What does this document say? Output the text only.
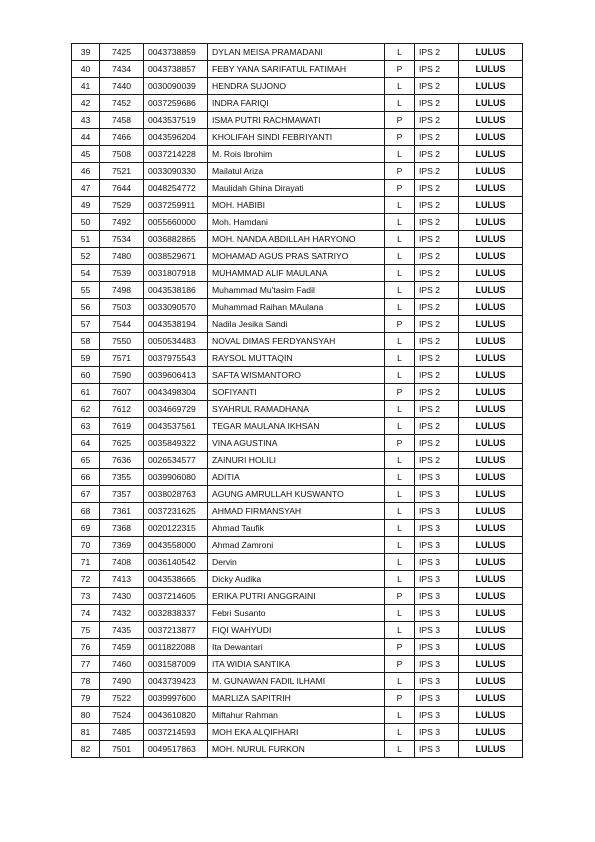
39	7425	0043738859	DYLAN MEISA PRAMADANI	L	IPS 2	LULUS
40	7434	0043738857	FEBY YANA SARIFATUL FATIMAH	P	IPS 2	LULUS
41	7440	0030090039	HENDRA SUJONO	L	IPS 2	LULUS
42	7452	0037259686	INDRA FARIQI	L	IPS 2	LULUS
43	7458	0043537519	ISMA PUTRI RACHMAWATI	P	IPS 2	LULUS
44	7466	0043596204	KHOLIFAH SINDI FEBRIYANTI	P	IPS 2	LULUS
45	7508	0037214228	M. Rois Ibrohim	L	IPS 2	LULUS
46	7521	0033090330	Mailatul Ariza	P	IPS 2	LULUS
47	7644	0048254772	Maulidah Ghina Dirayati	P	IPS 2	LULUS
49	7529	0037259911	MOH. HABIBI	L	IPS 2	LULUS
50	7492	0055660000	Moh. Hamdani	L	IPS 2	LULUS
51	7534	0036882865	MOH. NANDA ABDILLAH HARYONO	L	IPS 2	LULUS
52	7480	0038529671	MOHAMAD AGUS PRAS SATRIYO	L	IPS 2	LULUS
54	7539	0031807918	MUHAMMAD ALIF MAULANA	L	IPS 2	LULUS
55	7498	0043538186	Muhammad Mu'tasim Fadil	L	IPS 2	LULUS
56	7503	0033090570	Muhammad Raihan MAulana	L	IPS 2	LULUS
57	7544	0043538194	Nadila Jesika Sandi	P	IPS 2	LULUS
58	7550	0050534483	NOVAL DIMAS FERDYANSYAH	L	IPS 2	LULUS
59	7571	0037975543	RAYSOL MUTTAQIN	L	IPS 2	LULUS
60	7590	0039606413	SAFTA WISMANTORO	L	IPS 2	LULUS
61	7607	0043498304	SOFIYANTI	P	IPS 2	LULUS
62	7612	0034669729	SYAHRUL RAMADHANA	L	IPS 2	LULUS
63	7619	0043537561	TEGAR MAULANA IKHSAN	L	IPS 2	LULUS
64	7625	0035849322	VINA AGUSTINA	P	IPS 2	LULUS
65	7636	0026534577	ZAINURI HOLILI	L	IPS 2	LULUS
66	7355	0039906080	ADITIA	L	IPS 3	LULUS
67	7357	0038028763	AGUNG AMRULLAH KUSWANTO	L	IPS 3	LULUS
68	7361	0037231625	AHMAD FIRMANSYAH	L	IPS 3	LULUS
69	7368	0020122315	Ahmad Taufik	L	IPS 3	LULUS
70	7369	0043558000	Ahmad Zamroni	L	IPS 3	LULUS
71	7408	0036140542	Dervin	L	IPS 3	LULUS
72	7413	0043538665	Dicky Audika	L	IPS 3	LULUS
73	7430	0037214605	ERIKA PUTRI ANGGRAINI	P	IPS 3	LULUS
74	7432	0032838337	Febri Susanto	L	IPS 3	LULUS
75	7435	0037213877	FIQI WAHYUDI	L	IPS 3	LULUS
76	7459	0011822088	Ita Dewantari	P	IPS 3	LULUS
77	7460	0031587009	ITA WIDIA SANTIKA	P	IPS 3	LULUS
78	7490	0043739423	M. GUNAWAN FADIL ILHAMI	L	IPS 3	LULUS
79	7522	0039997600	MARLIZA SAPITRIH	P	IPS 3	LULUS
80	7524	0043610820	Miftahur Rahman	L	IPS 3	LULUS
81	7485	0037214593	MOH EKA ALQIFHARI	L	IPS 3	LULUS
82	7501	0049517863	MOH. NURUL FURKON	L	IPS 3	LULUS
